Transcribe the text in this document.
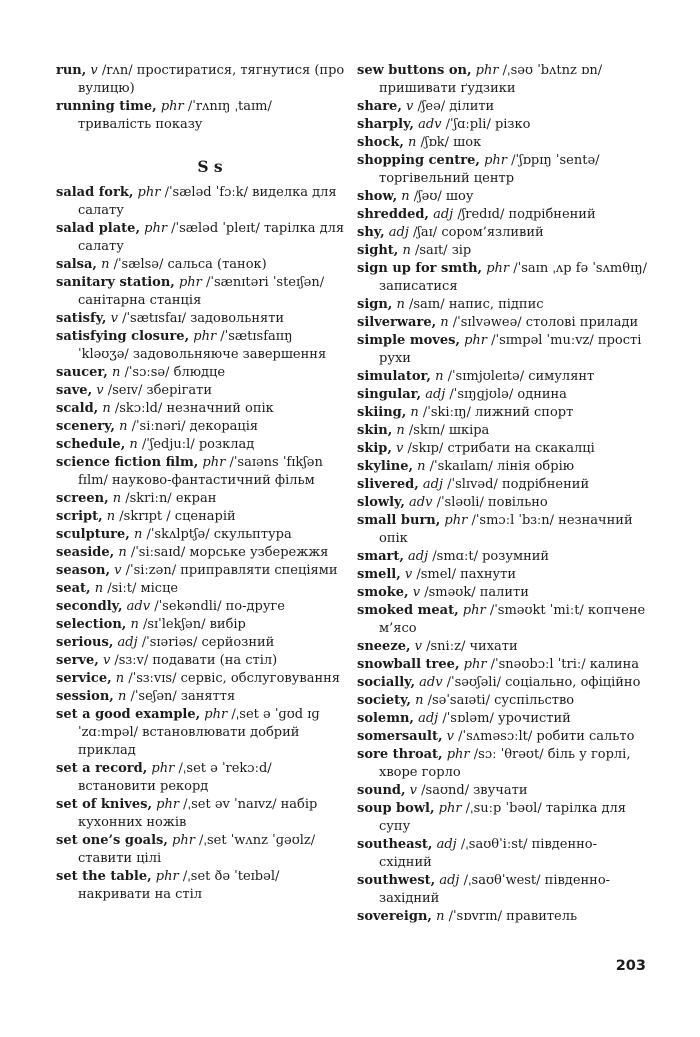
run, v /rʌn/ простиратися, тягнутися (про вулицю)

running time, phr /ˈrʌnɪŋ ˌtaɪm/ тривалість показу

S s

salad fork, phr /ˈsæləd ˈfɔːk/ виделка для салату

salad plate, phr /ˈsæləd ˈpleɪt/ тарілка для салату

salsa, n /ˈsælsə/ сальса (танок)

sanitary station, phr /ˈsænɪtəri ˈsteɪʃən/ санітарна станція

satisfy, v /ˈsætɪsfaɪ/ задовольняти

satisfying closure, phr /ˈsætɪsfaɪɪŋ ˈkləʊʒə/ задовольняюче завершення

saucer, n /ˈsɔːsə/ блюдце

save, v /seɪv/ зберігати

scald, n /skɔːld/ незначний опік

scenery, n /ˈsiːnəri/ декорація

schedule, n /ˈʃedjuːl/ розклад

science fiction film, phr /ˈsaɪəns ˈfɪkʃən fɪlm/ науково-фантастичний фільм

screen, n /skriːn/ екран

script, n /skrɪpt / сценарій

sculpture, n /ˈskʌlptʃə/ скульптура

seaside, n /ˈsiːsaɪd/ морське узбережжя

season, v /ˈsiːzən/ приправляти спеціями

seat, n /siːt/ місце

secondly, adv /ˈsekəndli/ по-друге

selection, n /sɪˈlekʃən/ вибір

serious, adj /ˈsɪəriəs/ серйозний

serve, v /sɜːv/ подавати (на стіл)

service, n /ˈsɜːvɪs/ сервіс, обслуговування

session, n /ˈseʃən/ заняття

set a good example, phr /ˌset ə ˈɡʊd ɪɡˈzɑːmpəl/ встановлювати добрий приклад

set a record, phr /ˌset ə ˈrekɔːd/ встановити рекорд

set of knives, phr /ˌset əv ˈnaɪvz/ набір кухонних ножів

set one’s goals, phr /ˌset ˈwʌnz ˈɡəʊlz/ ставити цілі

set the table, phr /ˌset ðə ˈteɪbəl/ накривати на стіл

sew buttons on, phr /ˌsəʊ ˈbʌtnz ɒn/ пришивати ґудзики

share, v /ʃeə/ ділити

sharply, adv /ˈʃɑːpli/ різко

shock, n /ʃɒk/ шок

shopping centre, phr /ˈʃɒpɪŋ ˈsentə/ торгівельний центр

show, n /ʃəʊ/ шоу

shredded, adj /ʃredɪd/ подрібнений

shy, adj /ʃaɪ/ сором’язливий

sight, n /saɪt/ зір

sign up for smth, phr /ˈsaɪn ˌʌp fə ˈsʌmθɪŋ/ записатися

sign, n /saɪn/ напис, підпис

silverware, n /ˈsɪlvəweə/ столові прилади

simple moves, phr /ˈsɪmpəl ˈmuːvz/ прості рухи

simulator, n /ˈsɪmjʊleɪtə/ симулянт

singular, adj /ˈsɪŋɡjʊlə/ однина

skiing, n /ˈskiːɪŋ/ лижний спорт

skin, n /skɪn/ шкіра

skip, v /skɪp/ стрибати на скакалці

skyline, n /ˈskaɪlaɪn/ лінія обрію

slivered, adj /ˈslɪvəd/ подрібнений

slowly, adv /ˈsləʊli/ повільно

small burn, phr /ˈsmɔːl ˈbɜːn/ незначний опік

smart, adj /smɑːt/ розумний

smell, v /smel/ пахнути

smoke, v /sməʊk/ палити

smoked meat, phr /ˈsməʊkt ˈmiːt/ копчене м’ясо

sneeze, v /sniːz/ чихати

snowball tree, phr /ˈsnəʊbɔːl ˈtriː/ калина

socially, adv /ˈsəʊʃəli/ соціально, офіційно

society, n /səˈsaɪəti/ суспільство

solemn, adj /ˈsɒləm/ урочистий

somersault, v /ˈsʌməsɔːlt/ робити сальто

sore throat, phr /sɔː ˈθrəʊt/ біль у горлі, хворе горло

sound, v /saʊnd/ звучати

soup bowl, phr /ˌsuːp ˈbəʊl/ тарілка для супу

southeast, adj /ˌsaʊθˈiːst/ південно-східний

southwest, adj /ˌsaʊθˈwest/ південно-західний

sovereign, n /ˈsɒvrɪn/ правитель

203
